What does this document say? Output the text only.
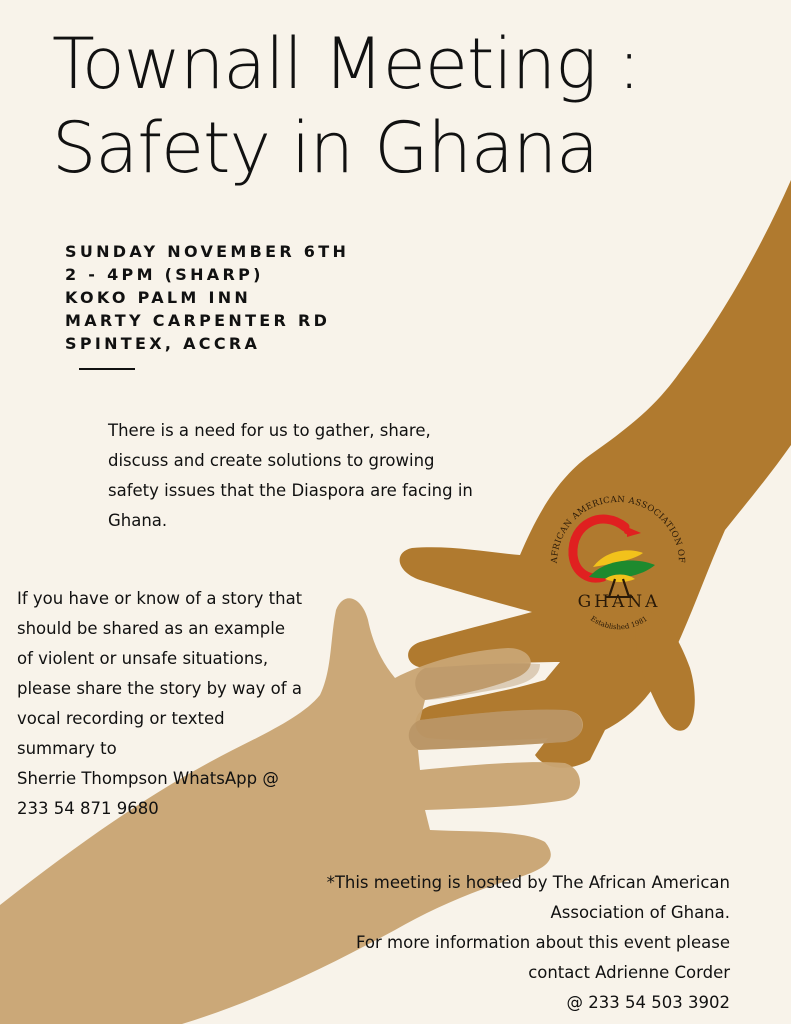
Townall Meeting :
Safety in Ghana
SUNDAY NOVEMBER 6TH
2 - 4PM (SHARP)
KOKO PALM INN
MARTY CARPENTER RD
SPINTEX, ACCRA

There is a need for us to gather, share, discuss and create solutions to growing safety issues that the Diaspora are facing in Ghana.

If you have or know of a story that
should be shared as an example
of violent or unsafe situations,
please share the story by way of a
vocal recording or texted
summary to
Sherrie Thompson WhatsApp @
233 54 871 9680

*This meeting is hosted by The African American
Association of Ghana.
For more information about this event please
contact Adrienne Corder
@ 233 54 503 3902

AFRICAN AMERICAN ASSOCIATION OF
GHANA
Established 1981
